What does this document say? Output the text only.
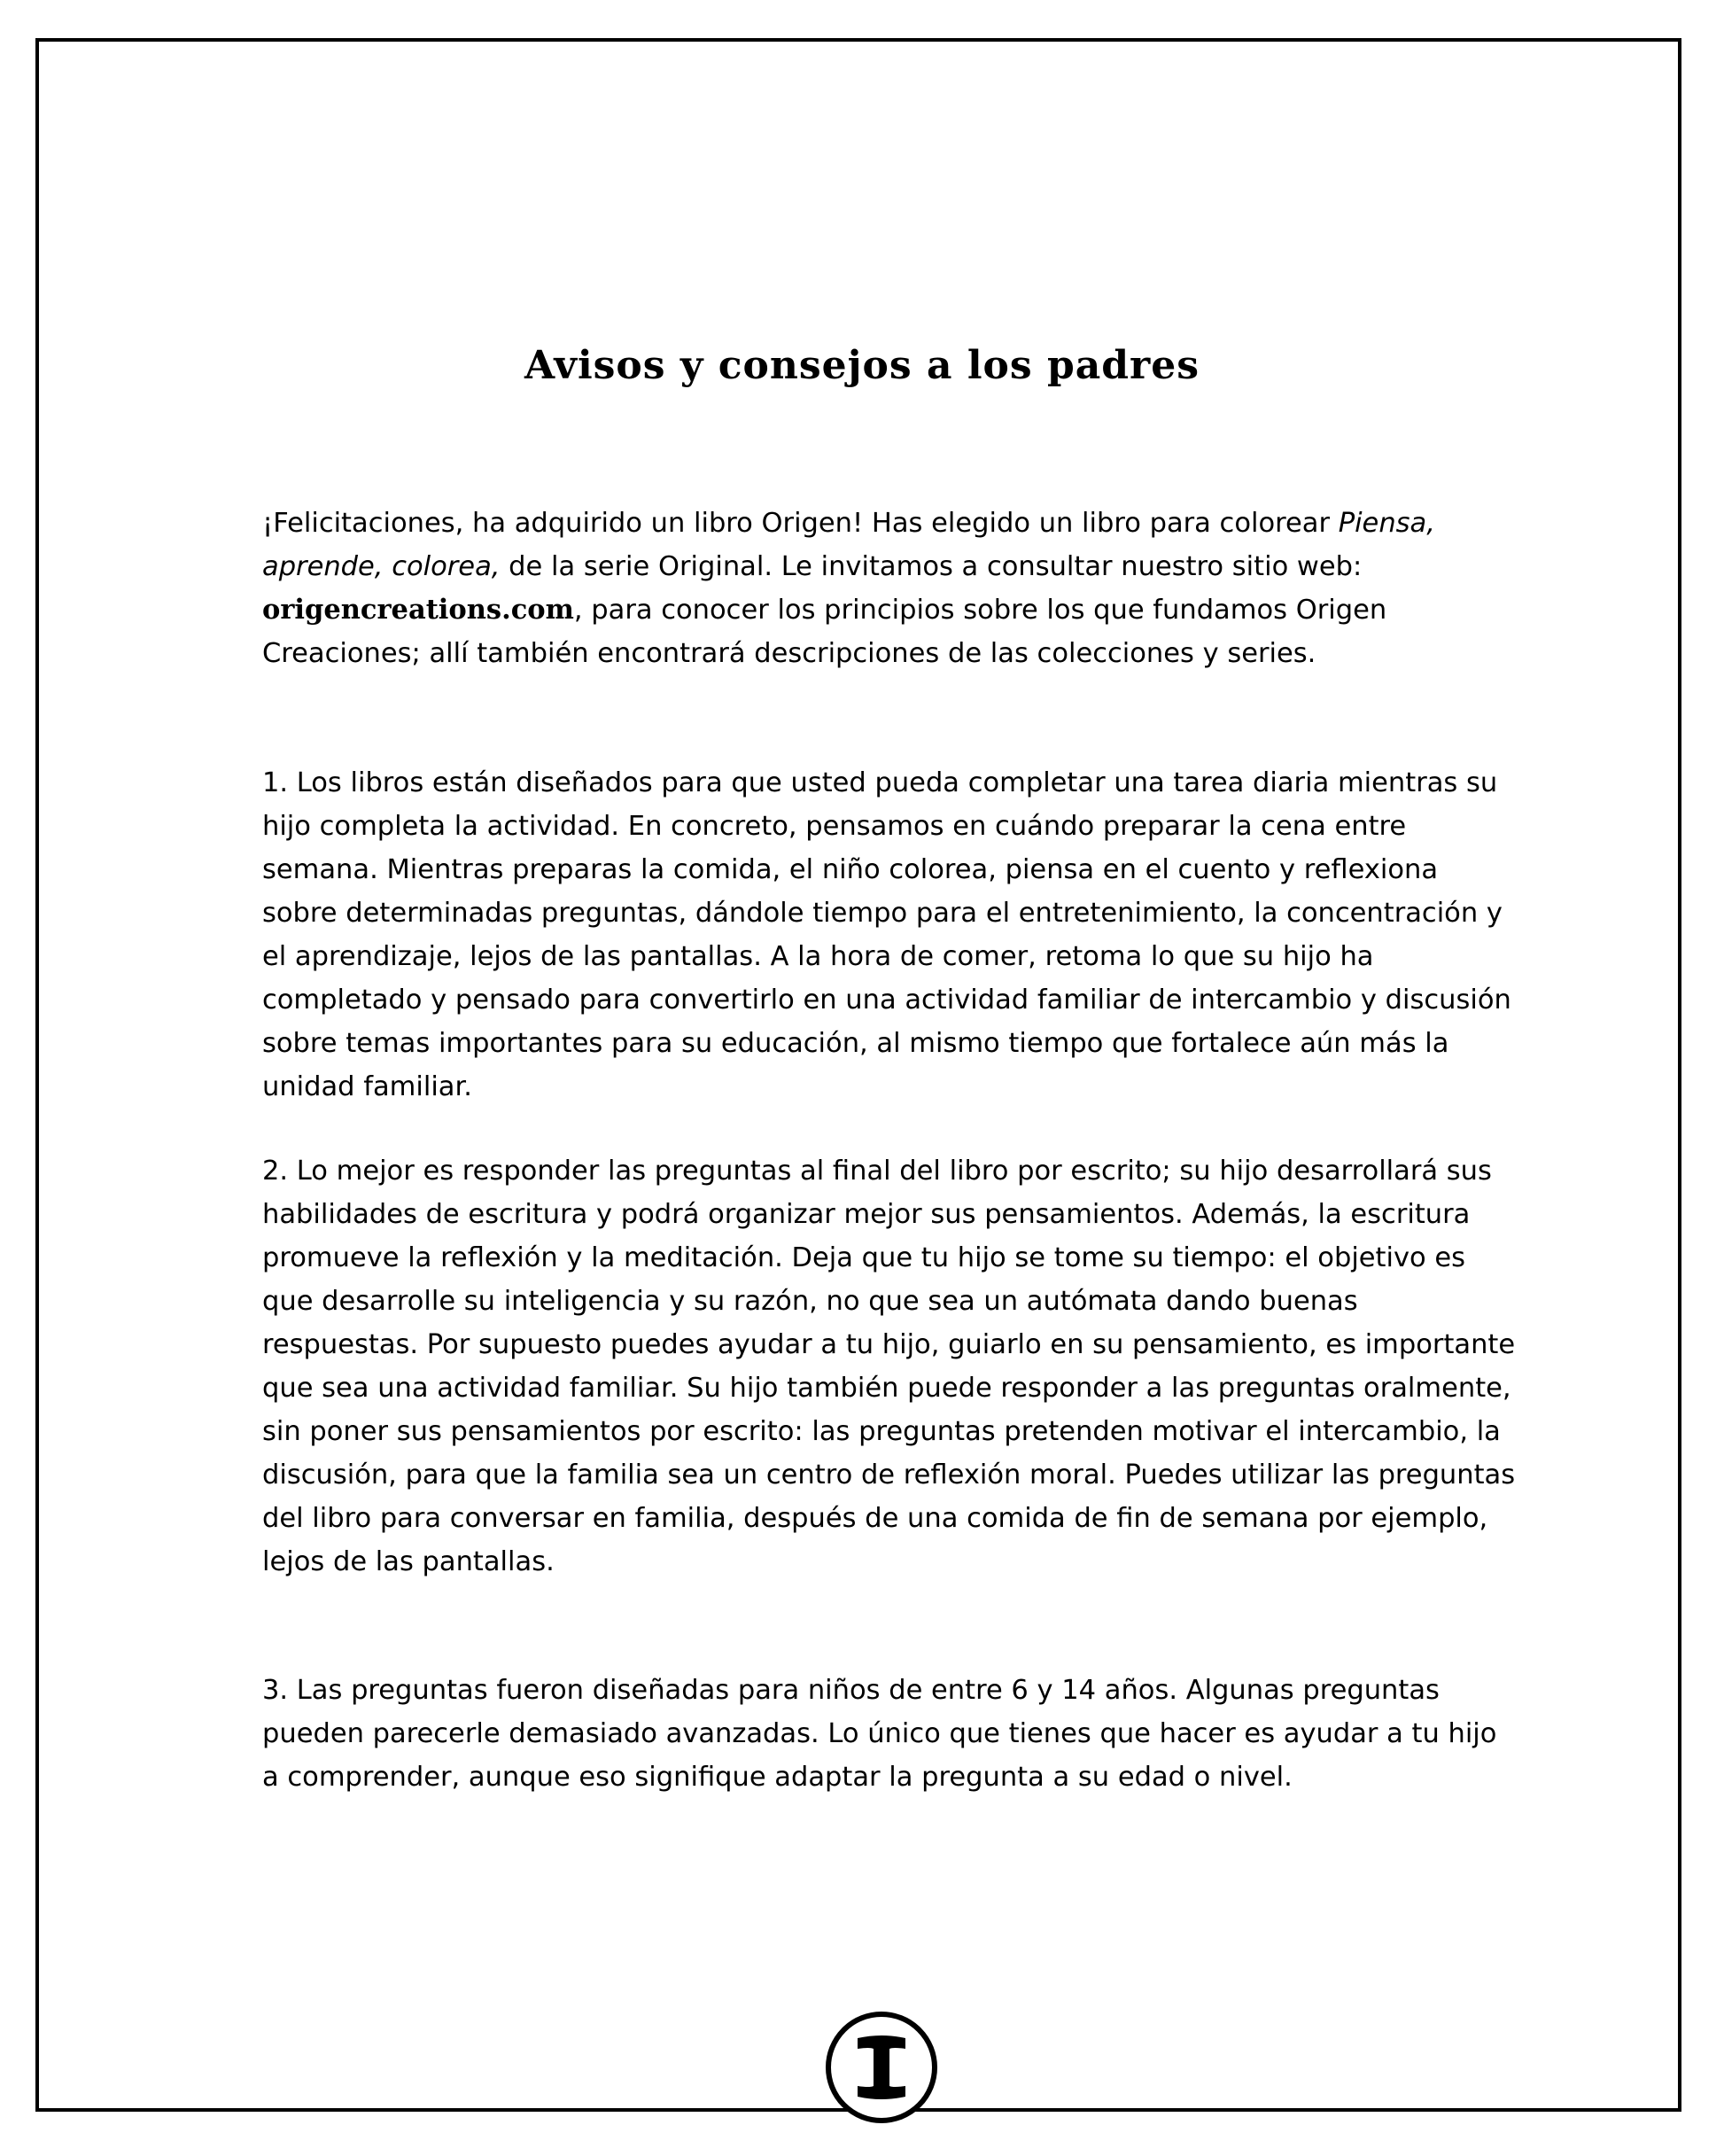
Avisos y consejos a los padres

¡Felicitaciones, ha adquirido un libro Origen! Has elegido un libro para colorear Piensa, aprende, colorea, de la serie Original. Le invitamos a consultar nuestro sitio web: origencreations.com, para conocer los principios sobre los que fundamos Origen Creaciones; allí también encontrará descripciones de las colecciones y series.

1. Los libros están diseñados para que usted pueda completar una tarea diaria mientras su hijo completa la actividad. En concreto, pensamos en cuándo preparar la cena entre semana. Mientras preparas la comida, el niño colorea, piensa en el cuento y reflexiona sobre determinadas preguntas, dándole tiempo para el entretenimiento, la concentración y el aprendizaje, lejos de las pantallas. A la hora de comer, retoma lo que su hijo ha completado y pensado para convertirlo en una actividad familiar de intercambio y discusión sobre temas importantes para su educación, al mismo tiempo que fortalece aún más la unidad familiar.

2. Lo mejor es responder las preguntas al final del libro por escrito; su hijo desarrollará sus habilidades de escritura y podrá organizar mejor sus pensamientos. Además, la escritura promueve la reflexión y la meditación. Deja que tu hijo se tome su tiempo: el objetivo es que desarrolle su inteligencia y su razón, no que sea un autómata dando buenas respuestas. Por supuesto puedes ayudar a tu hijo, guiarlo en su pensamiento, es importante que sea una actividad familiar. Su hijo también puede responder a las preguntas oralmente, sin poner sus pensamientos por escrito: las preguntas pretenden motivar el intercambio, la discusión, para que la familia sea un centro de reflexión moral. Puedes utilizar las preguntas del libro para conversar en familia, después de una comida de fin de semana por ejemplo, lejos de las pantallas.

3. Las preguntas fueron diseñadas para niños de entre 6 y 14 años. Algunas preguntas pueden parecerle demasiado avanzadas. Lo único que tienes que hacer es ayudar a tu hijo a comprender, aunque eso signifique adaptar la pregunta a su edad o nivel.
